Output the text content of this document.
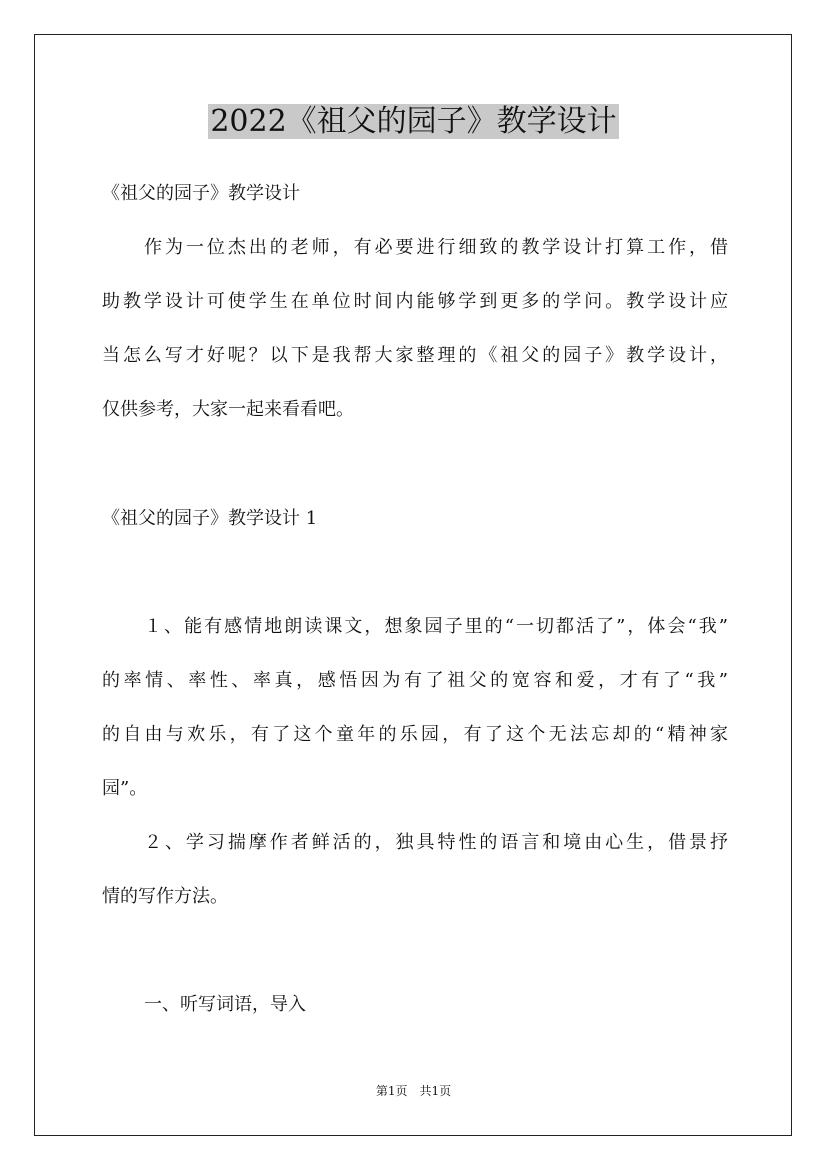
2022《祖父的园子》教学设计

《祖父的园子》教学设计

作为一位杰出的老师，有必要进行细致的教学设计打算工作，借

助教学设计可使学生在单位时间内能够学到更多的学问。教学设计应

当怎么写才好呢？以下是我帮大家整理的《祖父的园子》教学设计，

仅供参考，大家一起来看看吧。

《祖父的园子》教学设计 1

１、能有感情地朗读课文，想象园子里的“一切都活了”，体会“我”

的率情、率性、率真，感悟因为有了祖父的宽容和爱，才有了“我”

的自由与欢乐，有了这个童年的乐园，有了这个无法忘却的“精神家

园”。

２、学习揣摩作者鲜活的，独具特性的语言和境由心生，借景抒

情的写作方法。

一、听写词语，导入

第1页　共1页
